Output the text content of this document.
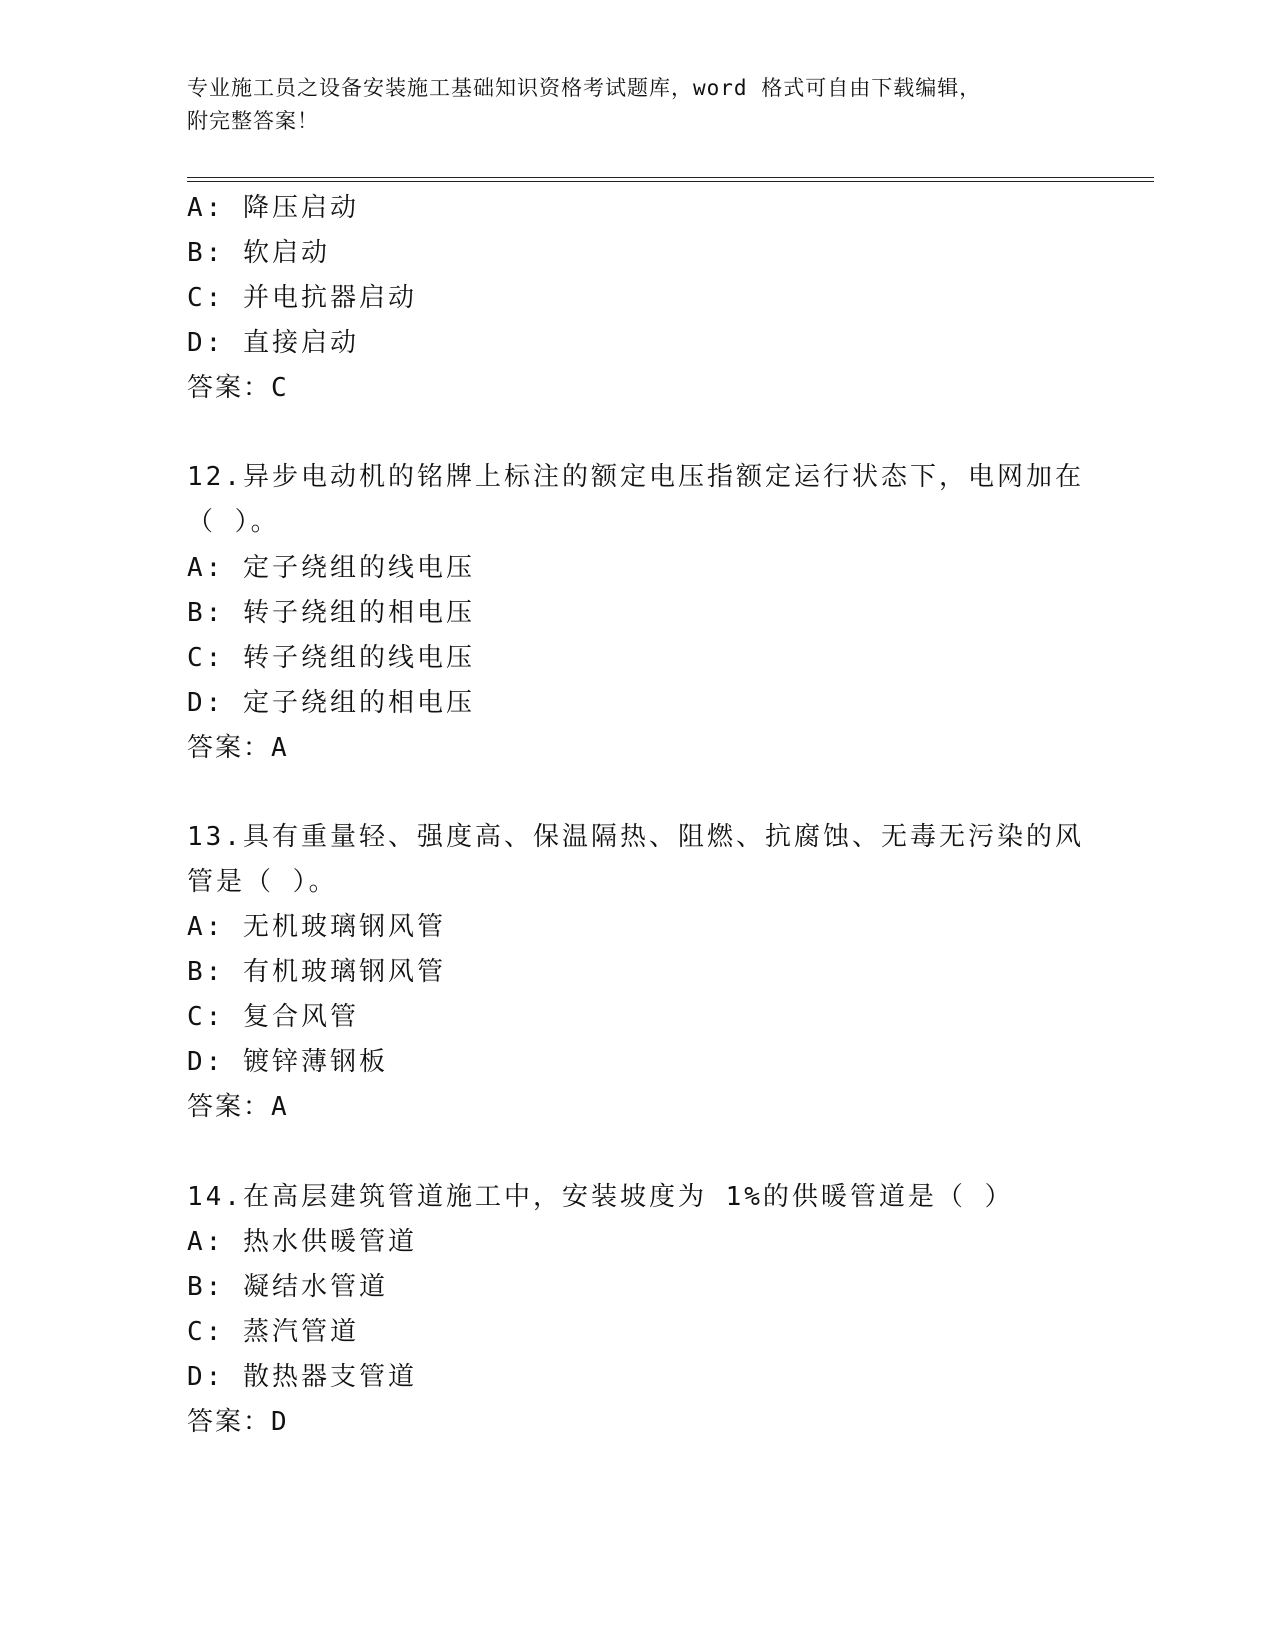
专业施工员之设备安装施工基础知识资格考试题库，word 格式可自由下载编辑，
附完整答案！
A: 降压启动
B: 软启动
C: 并电抗器启动
D: 直接启动
答案：C
12.异步电动机的铭牌上标注的额定电压指额定运行状态下，电网加在
（ ）。
A: 定子绕组的线电压
B: 转子绕组的相电压
C: 转子绕组的线电压
D: 定子绕组的相电压
答案：A
13.具有重量轻、强度高、保温隔热、阻燃、抗腐蚀、无毒无污染的风
管是（ ）。
A: 无机玻璃钢风管
B: 有机玻璃钢风管
C: 复合风管
D: 镀锌薄钢板
答案：A
14.在高层建筑管道施工中，安装坡度为 1%的供暖管道是（ ）
A: 热水供暖管道
B: 凝结水管道
C: 蒸汽管道
D: 散热器支管道
答案：D
